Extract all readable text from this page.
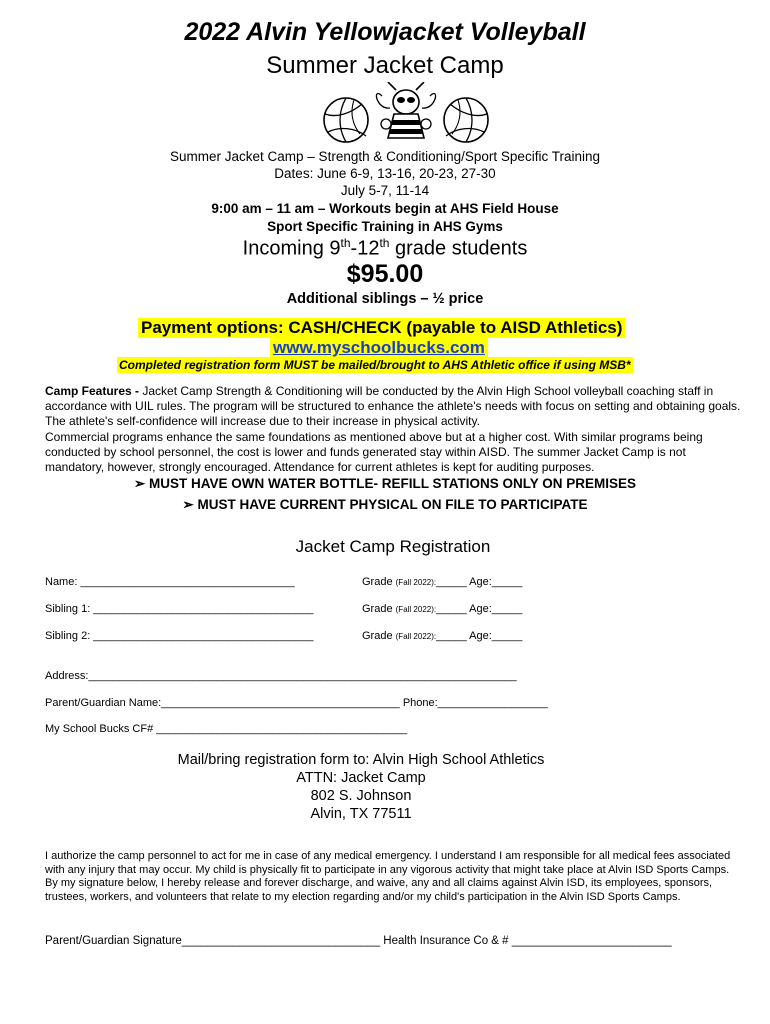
2022 Alvin Yellowjacket Volleyball
Summer Jacket Camp
Summer Jacket Camp – Strength & Conditioning/Sport Specific Training
Dates: June 6-9, 13-16, 20-23, 27-30
July 5-7, 11-14
9:00 am – 11 am – Workouts begin at AHS Field House
Sport Specific Training in AHS Gyms
Incoming 9th-12th grade students
$95.00
Additional siblings – ½ price
Payment options: CASH/CHECK (payable to AISD Athletics)
www.myschoolbucks.com
Completed registration form MUST be mailed/brought to AHS Athletic office if using MSB*
Camp Features - Jacket Camp Strength & Conditioning will be conducted by the Alvin High School volleyball coaching staff in accordance with UIL rules. The program will be structured to enhance the athlete's needs with focus on setting and obtaining goals. The athlete's self-confidence will increase due to their increase in physical activity.
Commercial programs enhance the same foundations as mentioned above but at a higher cost. With similar programs being conducted by school personnel, the cost is lower and funds generated stay within AISD. The summer Jacket Camp is not mandatory, however, strongly encouraged. Attendance for current athletes is kept for auditing purposes.
➢ MUST HAVE OWN WATER BOTTLE- REFILL STATIONS ONLY ON PREMISES
➢ MUST HAVE CURRENT PHYSICAL ON FILE TO PARTICIPATE
Jacket Camp Registration
Name: ___________________________________	Grade (Fall 2022):_____ Age:_____
Sibling 1: ____________________________________	Grade (Fall 2022):_____ Age:_____
Sibling 2: ____________________________________	Grade (Fall 2022):_____ Age:_____
Address:______________________________________________________________________
Parent/Guardian Name:_______________________________________ Phone:__________________
My School Bucks CF# _________________________________________
Mail/bring registration form to: Alvin High School Athletics
ATTN: Jacket Camp
802 S. Johnson
Alvin, TX 77511
I authorize the camp personnel to act for me in case of any medical emergency. I understand I am responsible for all medical fees associated with any injury that may occur. My child is physically fit to participate in any vigorous activity that might take place at Alvin ISD Sports Camps. By my signature below, I hereby release and forever discharge, and waive, any and all claims against Alvin ISD, its employees, sponsors, trustees, workers, and volunteers that relate to my election regarding and/or my child's participation in the Alvin ISD Sports Camps.
Parent/Guardian Signature_______________________________ Health Insurance Co & # _________________________
